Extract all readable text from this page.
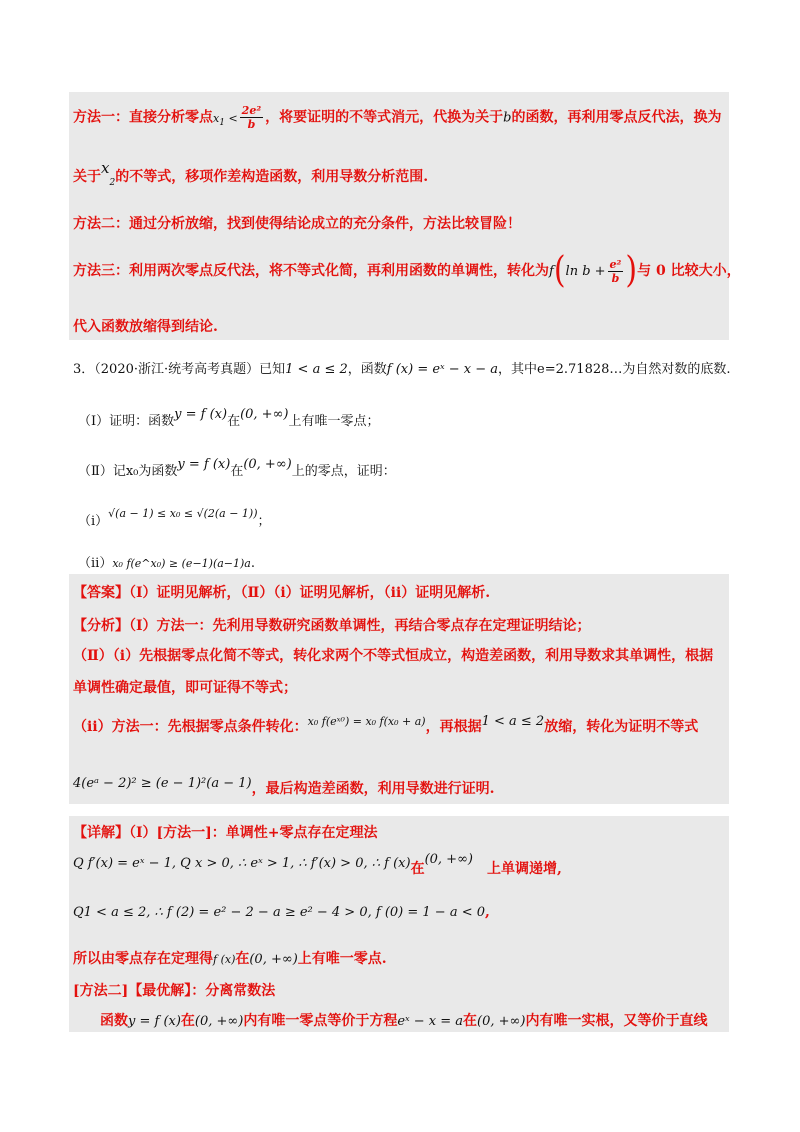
方法一：直接分析零点$x_1 < \frac{\text{2e²}}{b}$ ，将要证明的不等式消元，代换为关于b的函数，再利用零点反代法，换为
关于$x_2$的不等式，移项作差构造函数，利用导数分析范围.
方法二：通过分析放缩，找到使得结论成立的充分条件，方法比较冒险！
方法三：利用两次零点反代法，将不等式化简，再利用函数的单调性，转化为f(ln $b + \frac{\text{e²}}{b}$ )与 0 比较大小，
代入函数放缩得到结论.
3．（2020·浙江·统考高考真题）已知1 < a ≤ 2，函数f (x) = eˣ − x − a，其中e=2.71828…为自然对数的底数.
（Ⅰ）证明：函数y = f (x)在(0, +∞)上有唯一零点；
（Ⅱ）记x₀为函数y = f (x)在(0, +∞)上的零点，证明：
（ⅰ）$^{√(a - 1) \le x_0 \le √(2(a - 1))}$；
（ⅱ）x₀ f(e^x₀) ≥ (e−1)(a−1)a.
【答案】（Ⅰ）证明见解析，（Ⅱ）（ⅰ）证明见解析，（ⅱ）证明见解析.
【分析】（Ⅰ）方法一：先利用导数研究函数单调性，再结合零点存在定理证明结论；
（Ⅱ）（ⅰ）先根据零点化简不等式，转化求两个不等式恒成立，构造差函数，利用导数求其单调性，根据
单调性确定最值，即可证得不等式；
（ⅱ）方法一：先根据零点条件转化：$^{x_0 f(eˣ^0) = x_0 f(x_0 + a)}$，再根据1 < a ≤ 2放缩，转化为证明不等式
4(eᵃ − 2)² ≥ (e − 1)²(a − 1)，最后构造差函数，利用导数进行证明.
【详解】（Ⅰ）[方法一]：单调性+零点存在定理法
Q f′(x) = eˣ − 1, Q x > 0, ∴ eˣ > 1, ∴ f′(x) > 0, ∴ f (x)在(0, +∞)上单调递增,
Q1 < a ≤ 2, ∴ f (2) = e² − 2 − a ≥ e² − 4 > 0, f (0) = 1 − a < 0,
所以由零点存在定理得f (x)在(0, +∞)上有唯一零点.
[方法二]【最优解】：分离常数法
函数y = f (x)在(0, +∞)内有唯一零点等价于方程eˣ − x = a在(0, +∞)内有唯一实根，又等价于直线
